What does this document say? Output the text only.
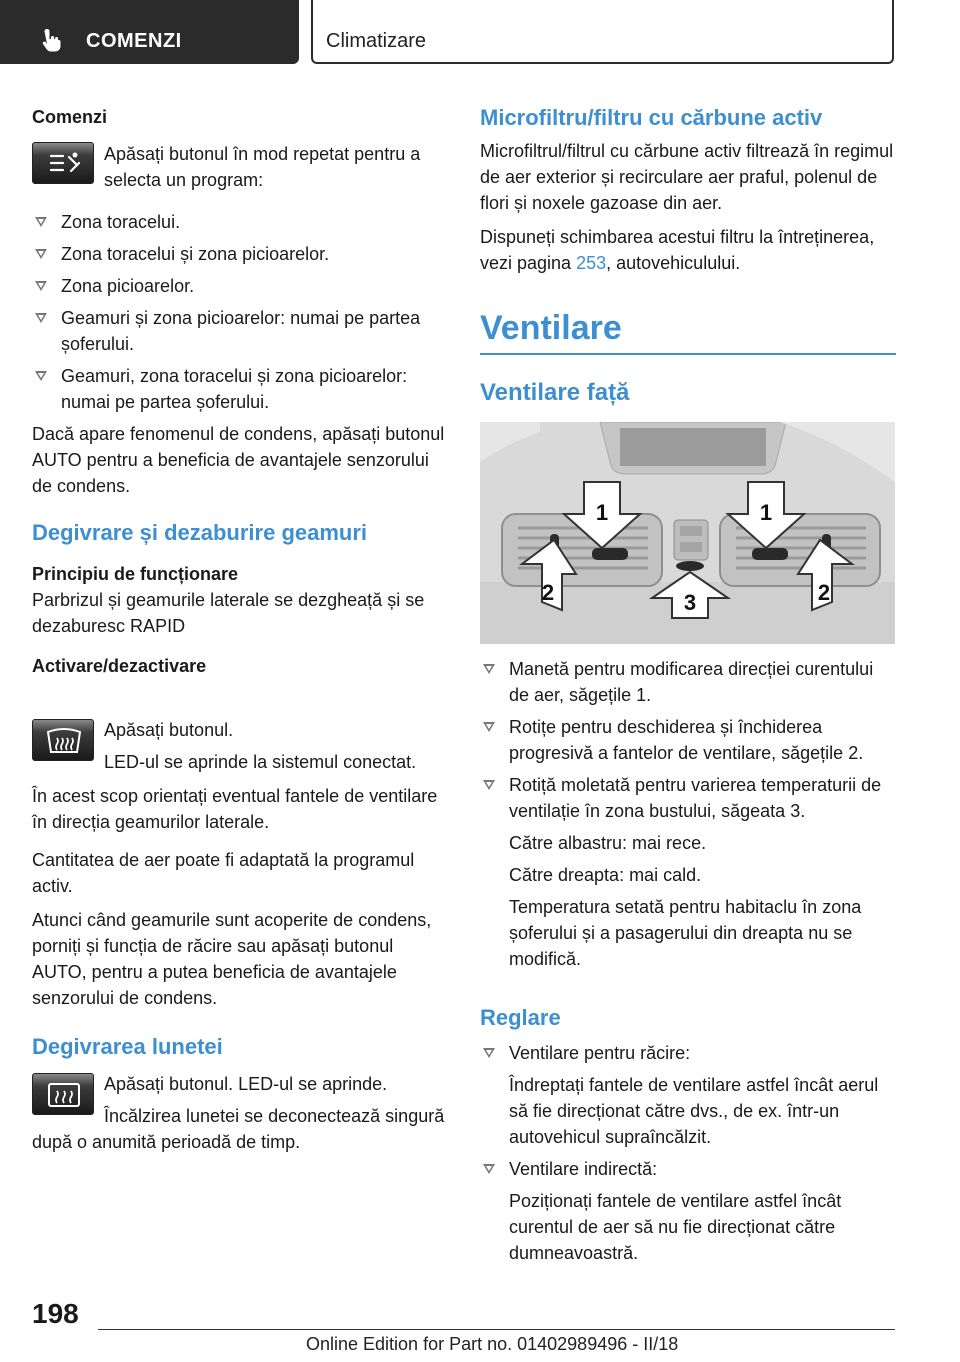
COMENZI	Climatizare

Comenzi

Apăsați butonul în mod repetat pentru a selecta un program:

Zona toracelui.
Zona toracelui și zona picioarelor.
Zona picioarelor.
Geamuri și zona picioarelor: numai pe partea șoferului.
Geamuri, zona toracelui și zona picioarelor: numai pe partea șoferului.

Dacă apare fenomenul de condens, apăsați butonul AUTO pentru a beneficia de avantajele senzorului de condens.

Degivrare și dezaburire geamuri

Principiu de funcționare

Parbrizul și geamurile laterale se dezgheață și se dezaburesc RAPID

Activare/dezactivare

Apăsați butonul.

LED-ul se aprinde la sistemul conectat.

În acest scop orientați eventual fantele de ventilare în direcția geamurilor laterale.

Cantitatea de aer poate fi adaptată la programul activ.

Atunci când geamurile sunt acoperite de condens, porniți și funcția de răcire sau apăsați butonul AUTO, pentru a putea beneficia de avantajele senzorului de condens.

Degivrarea lunetei

Apăsați butonul. LED-ul se aprinde.

Încălzirea lunetei se deconectează singură după o anumită perioadă de timp.

Microfiltru/filtru cu cărbune activ

Microfiltrul/filtrul cu cărbune activ filtrează în regimul de aer exterior și recirculare aer praful, polenul de flori și noxele gazoase din aer.

Dispuneți schimbarea acestui filtru la întreținerea, vezi pagina 253, autovehiculului.

Ventilare

Ventilare față

1	1
2	3	2
Manetă pentru modificarea direcției curentului de aer, săgețile 1.
Rotițe pentru deschiderea și închiderea progresivă a fantelor de ventilare, săgețile 2.
Rotiță moletată pentru varierea temperaturii de ventilație în zona bustului, săgeata 3.

Către albastru: mai rece.

Către dreapta: mai cald.

Temperatura setată pentru habitaclu în zona șoferului și a pasagerului din dreapta nu se modifică.

Reglare

Ventilare pentru răcire:

Îndreptați fantele de ventilare astfel încât aerul să fie direcționat către dvs., de ex. într-un autovehicul supraîncălzit.

Ventilare indirectă:

Poziționați fantele de ventilare astfel încât curentul de aer să nu fie direcționat către dumneavoastră.

198
Online Edition for Part no. 01402989496 - II/18
